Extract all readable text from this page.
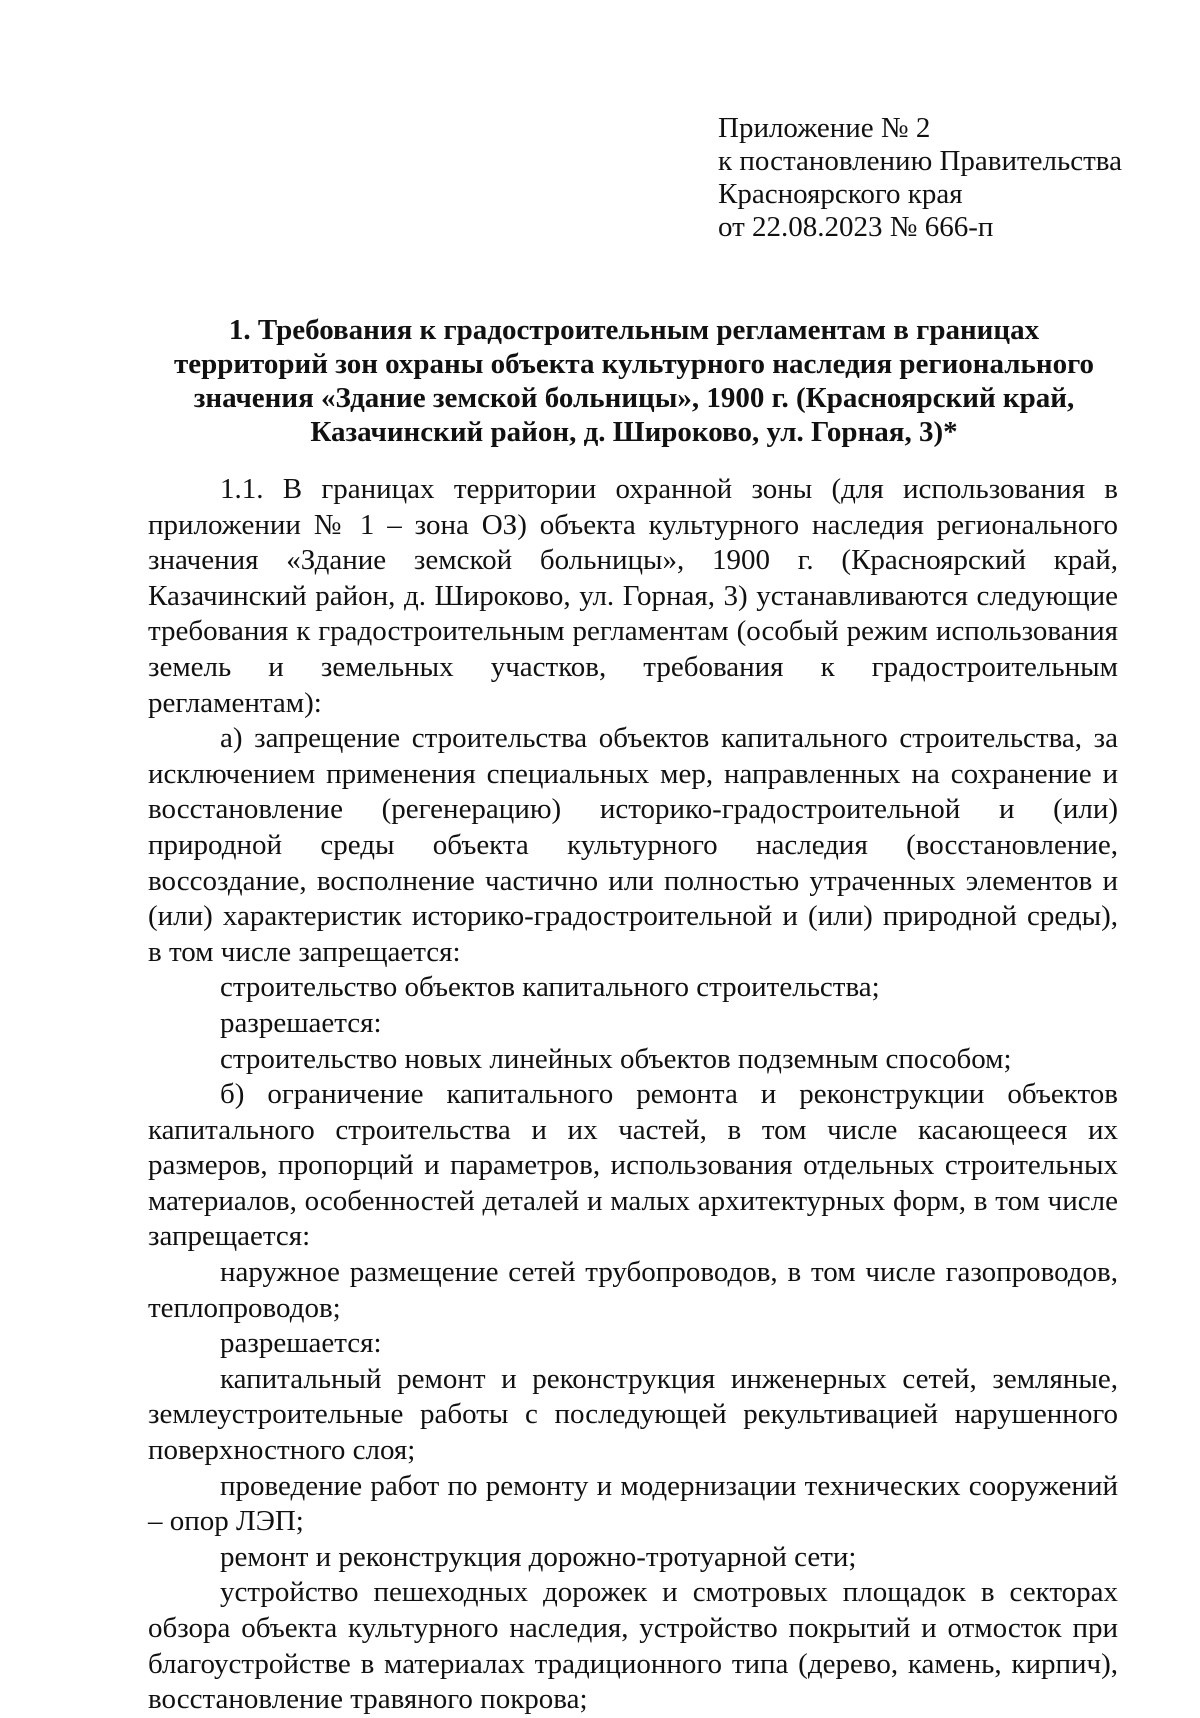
Приложение № 2
к постановлению Правительства
Красноярского края
от 22.08.2023 № 666-п
1. Требования к градостроительным регламентам в границах
территорий зон охраны объекта культурного наследия регионального
значения «Здание земской больницы», 1900 г. (Красноярский край,
Казачинский район, д. Широково, ул. Горная, 3)*

1.1. В границах территории охранной зоны (для использования в приложении № 1 – зона ОЗ) объекта культурного наследия регионального значения «Здание земской больницы», 1900 г. (Красноярский край, Казачинский район, д. Широково, ул. Горная, 3) устанавливаются следующие требования к градостроительным регламентам (особый режим использования земель и земельных участков, требования к градостроительным регламентам):

а) запрещение строительства объектов капитального строительства, за исключением применения специальных мер, направленных на сохранение и восстановление (регенерацию) историко-градостроительной и (или) природной среды объекта культурного наследия (восстановление, воссоздание, восполнение частично или полностью утраченных элементов и (или) характеристик историко-градостроительной и (или) природной среды), в том числе запрещается:

строительство объектов капитального строительства;

разрешается:

строительство новых линейных объектов подземным способом;

б) ограничение капитального ремонта и реконструкции объектов капитального строительства и их частей, в том числе касающееся их размеров, пропорций и параметров, использования отдельных строительных материалов, особенностей деталей и малых архитектурных форм, в том числе запрещается:

наружное размещение сетей трубопроводов, в том числе газопроводов, теплопроводов;

разрешается:

капитальный ремонт и реконструкция инженерных сетей, земляные, землеустроительные работы с последующей рекультивацией нарушенного поверхностного слоя;

проведение работ по ремонту и модернизации технических сооружений – опор ЛЭП;

ремонт и реконструкция дорожно-тротуарной сети;

устройство пешеходных дорожек и смотровых площадок в секторах обзора объекта культурного наследия, устройство покрытий и отмосток при благоустройстве в материалах традиционного типа (дерево, камень, кирпич), восстановление травяного покрова;
